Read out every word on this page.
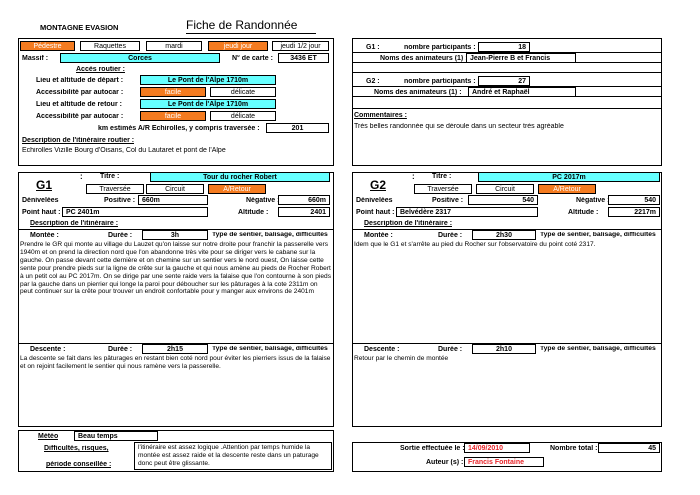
MONTAGNE EVASION	Fiche de Randonnée
Pédestre	Raquettes	mardi	jeudi jour	jeudi 1/2 jour
Massif :	Corces	N° de carte :	3436 ET
Accès routier :
Lieu et altitude de départ :	Le Pont de l'Alpe 1710m
Accessibilité par autocar :	facile	délicate
Lieu et altitude de retour :	Le Pont de l'Alpe 1710m
Accessibilité par autocar :	facile	délicate
km estimés A/R Echirolles, y compris traversée :	201
Description de l'itinéraire routier :
Echirolles Vizille Bourg d'Oisans, Col du Lautaret et pont de l'Alpe
G1 :	nombre participants :	18
Noms des animateurs (1) : Jean-Pierre B et Francis
G2 :	nombre participants :	27
Noms des animateurs (1) :	André et Raphaël
Commentaires :
Très belles randonnée qui se déroule dans un secteur très agréable
G1
: Titre :	Tour du rocher Robert
Traversée	Circuit	A/Retour
Dénivelées	Positive : 660m	Négative :	660m
Point haut : PC 2401m	Altitude :	2401
Description de l'itinéraire :
Montée :	Durée :	3h	Type de sentier, balisage, difficultés
Prendre le GR qui monte au village du Lauzet qu'on laisse sur notre droite pour franchir la passerelle vers 1940m et on prend la direction nord que l'on abandonne très vite pour se diriger vers le cabane sur la gauche. On passe devant cette dernière et on chemine sur un sentier vers le nord ouest, On laisse cette sente pour prendre pieds sur la ligne de crête sur la gauche et qui nous amène au pieds de Rocher Robert à un petit col au PC 2017m. On se dirige par une sente raide vers la falaise que l'on contourne à son pieds par la gauche dans un pierrier qui longe la paroi pour déboucher sur les pâturages à la cote 2311m on peut continuer sur la crête pour trouver un endroit confortable pour y manger aux environs de 2401m
Descente :	Durée :	2h15	Type de sentier, balisage, difficultés
La descente se fait dans les pâturages en restant bien coté nord pour éviter les pierriers issus de la falaise et on rejoint facilement le sentier qui nous ramène vers la passerelle.
G2
: Titre :	PC 2017m
Traversée	Circuit	A/Retour
Dénivelées	Positive :	540	Négative :	540
Point haut : Belvédère 2317	Altitude :	2217m
Description de l'itinéraire :
Montée :	Durée :	2h30	Type de sentier, balisage, difficultés
Idem que le G1 et s'arrête au pied du Rocher sur l'observatoire du point coté 2317.
Descente :	Durée :	2h10	Type de sentier, balisage, difficultés
Retour par le chemin de montée
Météo	Beau temps
Difficultés, risques,
période conseillée :
l'itinéraire est assez logique .Attention par temps humide la montée est assez raide et la descente reste dans un paturage donc peut être glissante.
Sortie effectuée le : 14/09/2010	Nombre total :	45
Auteur (s) : Francis Fontaine
